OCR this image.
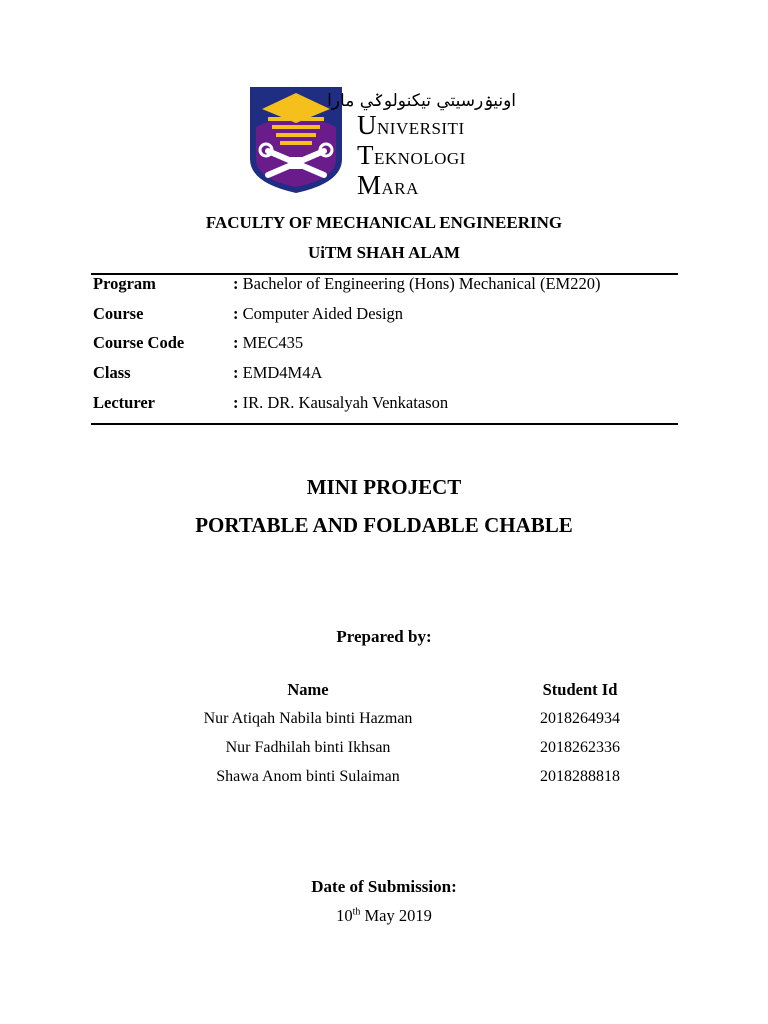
اونيۏرسيتي تيكنولوݢي مارا
UNIVERSITI
TEKNOLOGI
MARA
FACULTY OF MECHANICAL ENGINEERING
UiTM SHAH ALAM
Program	: Bachelor of Engineering (Hons) Mechanical (EM220)
Course	: Computer Aided Design
Course Code	: MEC435
Class	: EMD4M4A
Lecturer	: IR. DR. Kausalyah Venkatason
MINI PROJECT
PORTABLE AND FOLDABLE CHABLE
Prepared by:
Name	Student Id
Nur Atiqah Nabila binti Hazman	2018264934
Nur Fadhilah binti Ikhsan	2018262336
Shawa Anom binti Sulaiman	2018288818
Date of Submission:
10th May 2019
